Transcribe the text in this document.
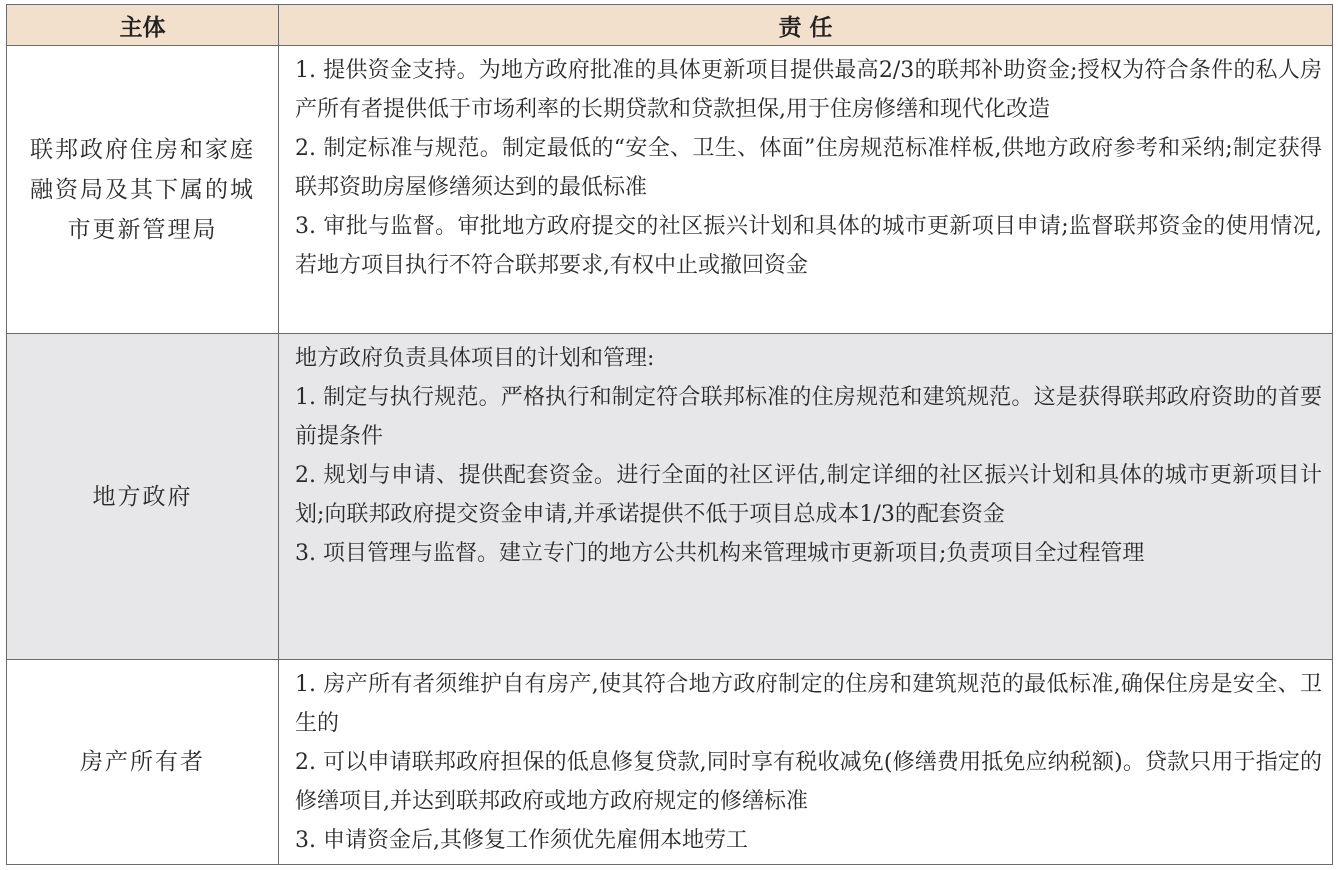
主体	责 任
联邦政府住房和家庭融资局及其下属的城市更新管理局	1. 提供资金支持。为地方政府批准的具体更新项目提供最高2/3的联邦补助资金;授权为符合条件的私人房产所有者提供低于市场利率的长期贷款和贷款担保,用于住房修缮和现代化改造
2. 制定标准与规范。制定最低的“安全、卫生、体面”住房规范标准样板,供地方政府参考和采纳;制定获得联邦资助房屋修缮须达到的最低标准
3. 审批与监督。审批地方政府提交的社区振兴计划和具体的城市更新项目申请;监督联邦资金的使用情况,若地方项目执行不符合联邦要求,有权中止或撤回资金

地方政府	地方政府负责具体项目的计划和管理:
1. 制定与执行规范。严格执行和制定符合联邦标准的住房规范和建筑规范。这是获得联邦政府资助的首要前提条件
2. 规划与申请、提供配套资金。进行全面的社区评估,制定详细的社区振兴计划和具体的城市更新项目计划;向联邦政府提交资金申请,并承诺提供不低于项目总成本1/3的配套资金
3. 项目管理与监督。建立专门的地方公共机构来管理城市更新项目;负责项目全过程管理

房产所有者	1. 房产所有者须维护自有房产,使其符合地方政府制定的住房和建筑规范的最低标准,确保住房是安全、卫生的
2. 可以申请联邦政府担保的低息修复贷款,同时享有税收减免(修缮费用抵免应纳税额)。贷款只用于指定的修缮项目,并达到联邦政府或地方政府规定的修缮标准
3. 申请资金后,其修复工作须优先雇佣本地劳工
